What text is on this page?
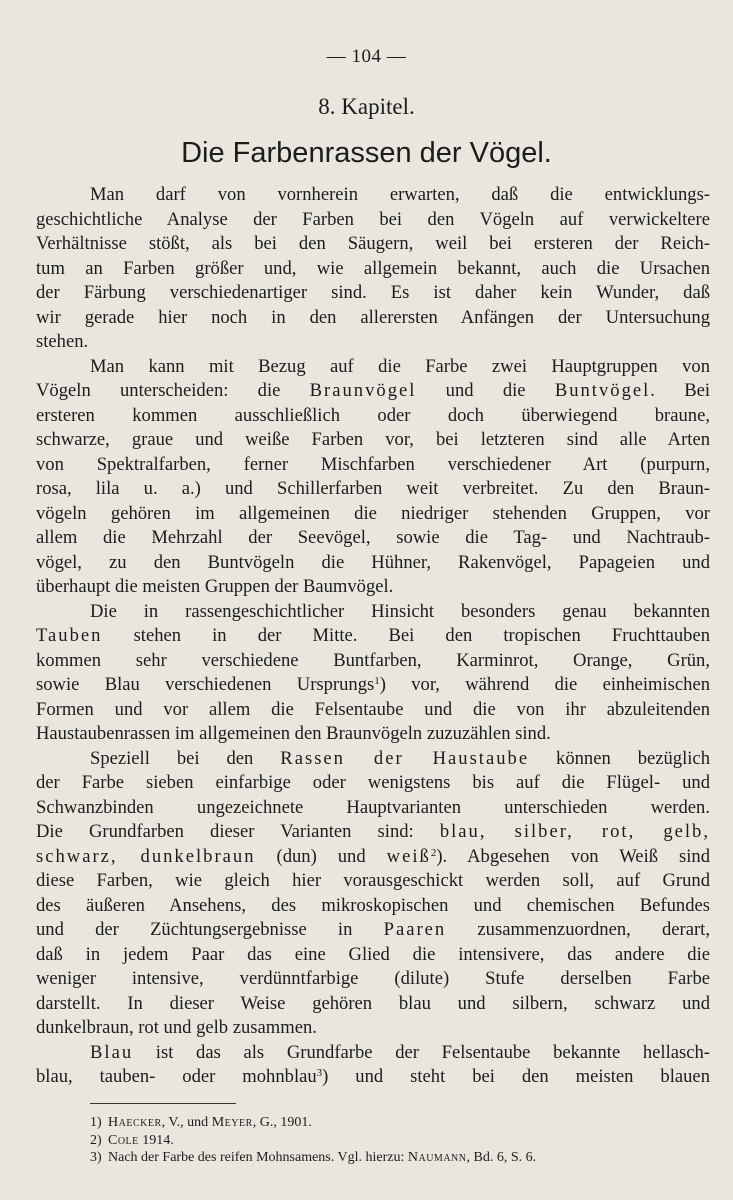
— 104 —
8. Kapitel.
Die Farbenrassen der Vögel.
Man darf von vornherein erwarten, daß die entwicklungs-
geschichtliche Analyse der Farben bei den Vögeln auf verwickeltere
Verhältnisse stößt, als bei den Säugern, weil bei ersteren der Reich-
tum an Farben größer und, wie allgemein bekannt, auch die Ursachen
der Färbung verschiedenartiger sind. Es ist daher kein Wunder, daß
wir gerade hier noch in den allerersten Anfängen der Untersuchung
stehen.
Man kann mit Bezug auf die Farbe zwei Hauptgruppen von
Vögeln unterscheiden: die Braunvögel und die Buntvögel. Bei
ersteren kommen ausschließlich oder doch überwiegend braune,
schwarze, graue und weiße Farben vor, bei letzteren sind alle Arten
von Spektralfarben, ferner Mischfarben verschiedener Art (purpurn,
rosa, lila u. a.) und Schillerfarben weit verbreitet. Zu den Braun-
vögeln gehören im allgemeinen die niedriger stehenden Gruppen, vor
allem die Mehrzahl der Seevögel, sowie die Tag- und Nachtraub-
vögel, zu den Buntvögeln die Hühner, Rakenvögel, Papageien und
überhaupt die meisten Gruppen der Baumvögel.
Die in rassengeschichtlicher Hinsicht besonders genau bekannten
Tauben stehen in der Mitte. Bei den tropischen Fruchttauben
kommen sehr verschiedene Buntfarben, Karminrot, Orange, Grün,
sowie Blau verschiedenen Ursprungs$^1$) vor, während die einheimischen
Formen und vor allem die Felsentaube und die von ihr abzuleitenden
Haustaubenrassen im allgemeinen den Braunvögeln zuzuzählen sind.
Speziell bei den Rassen der Haustaube können bezüglich
der Farbe sieben einfarbige oder wenigstens bis auf die Flügel- und
Schwanzbinden ungezeichnete Hauptvarianten unterschieden werden.
Die Grundfarben dieser Varianten sind: blau, silber, rot, gelb,
schwarz, dunkelbraun (dun) und weiß$^2$). Abgesehen von Weiß sind
diese Farben, wie gleich hier vorausgeschickt werden soll, auf Grund
des äußeren Ansehens, des mikroskopischen und chemischen Befundes
und der Züchtungsergebnisse in Paaren zusammenzuordnen, derart,
daß in jedem Paar das eine Glied die intensivere, das andere die
weniger intensive, verdünntfarbige (dilute) Stufe derselben Farbe
darstellt. In dieser Weise gehören blau und silbern, schwarz und
dunkelbraun, rot und gelb zusammen.
Blau ist das als Grundfarbe der Felsentaube bekannte hellasch-
blau, tauben- oder mohnblau$^3$) und steht bei den meisten blauen
1) Haecker, V., und Meyer, G., 1901.
2) Cole 1914.
3) Nach der Farbe des reifen Mohnsamens. Vgl. hierzu: Naumann, Bd. 6, S. 6.
